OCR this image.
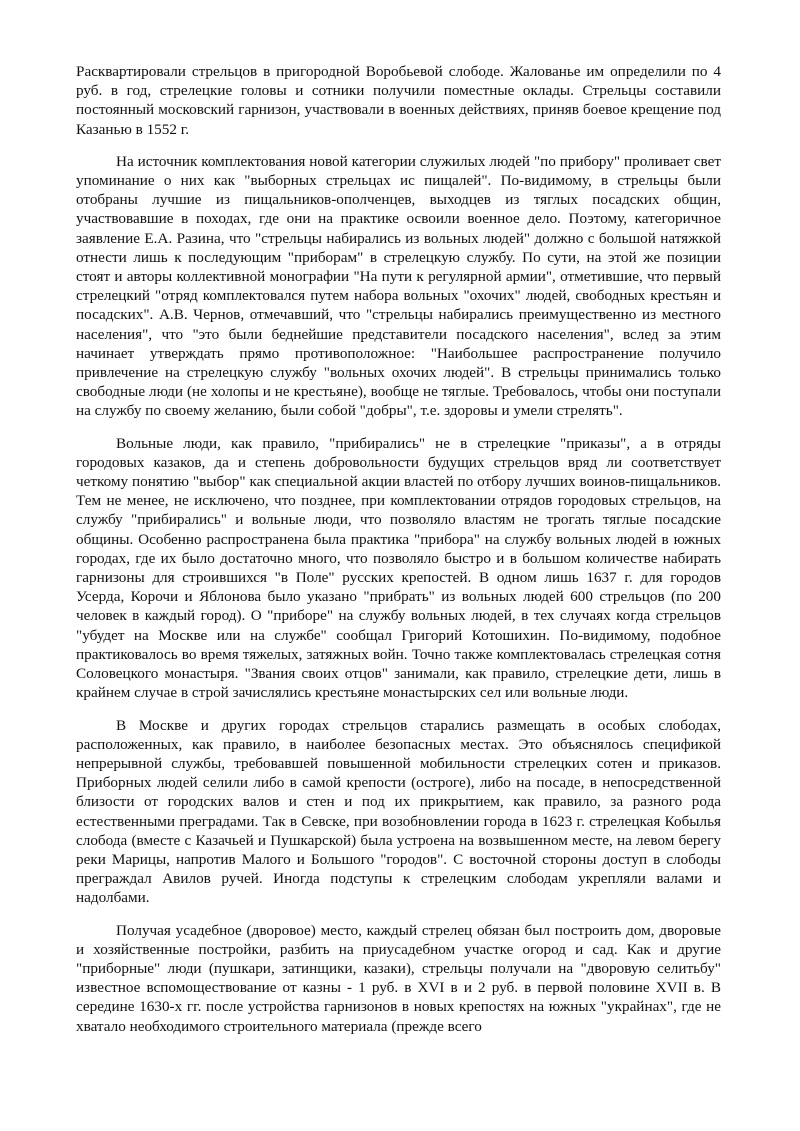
Расквартировали стрельцов в пригородной Воробьевой слободе. Жалованье им определили по 4 руб. в год, стрелецкие головы и сотники получили поместные оклады. Стрельцы составили постоянный московский гарнизон, участвовали в военных действиях, приняв боевое крещение под Казанью в 1552 г.

На источник комплектования новой категории служилых людей "по прибору" проливает свет упоминание о них как "выборных стрельцах ис пищалей". По-видимому, в стрельцы были отобраны лучшие из пищальников-ополченцев, выходцев из тяглых посадских общин, участвовавшие в походах, где они на практике освоили военное дело. Поэтому, категоричное заявление Е.А. Разина, что "стрельцы набирались из вольных людей" должно с большой натяжкой отнести лишь к последующим "приборам" в стрелецкую службу. По сути, на этой же позиции стоят и авторы коллективной монографии "На пути к регулярной армии", отметившие, что первый стрелецкий "отряд комплектовался путем набора вольных "охочих" людей, свободных крестьян и посадских". А.В. Чернов, отмечавший, что "стрельцы набирались преимущественно из местного населения", что "это были беднейшие представители посадского населения", вслед за этим начинает утверждать прямо противоположное: "Наибольшее распространение получило привлечение на стрелецкую службу "вольных охочих людей". В стрельцы принимались только свободные люди (не холопы и не крестьяне), вообще не тяглые. Требовалось, чтобы они поступали на службу по своему желанию, были собой "добры", т.е. здоровы и умели стрелять".

Вольные люди, как правило, "прибирались" не в стрелецкие "приказы", а в отряды городовых казаков, да и степень добровольности будущих стрельцов вряд ли соответствует четкому понятию "выбор" как специальной акции властей по отбору лучших воинов-пищальников. Тем не менее, не исключено, что позднее, при комплектовании отрядов городовых стрельцов, на службу "прибирались" и вольные люди, что позволяло властям не трогать тяглые посадские общины. Особенно распространена была практика "прибора" на службу вольных людей в южных городах, где их было достаточно много, что позволяло быстро и в большом количестве набирать гарнизоны для строившихся "в Поле" русских крепостей. В одном лишь 1637 г. для городов Усерда, Корочи и Яблонова было указано "прибрать" из вольных людей 600 стрельцов (по 200 человек в каждый город). О "приборе" на службу вольных людей, в тех случаях когда стрельцов "убудет на Москве или на службе" сообщал Григорий Котошихин. По-видимому, подобное практиковалось во время тяжелых, затяжных войн. Точно также комплектовалась стрелецкая сотня Соловецкого монастыря. "Звания своих отцов" занимали, как правило, стрелецкие дети, лишь в крайнем случае в строй зачислялись крестьяне монастырских сел или вольные люди.

В Москве и других городах стрельцов старались размещать в особых слободах, расположенных, как правило, в наиболее безопасных местах. Это объяснялось спецификой непрерывной службы, требовавшей повышенной мобильности стрелецких сотен и приказов. Приборных людей селили либо в самой крепости (остроге), либо на посаде, в непосредственной близости от городских валов и стен и под их прикрытием, как правило, за разного рода естественными преградами. Так в Севске, при возобновлении города в 1623 г. стрелецкая Кобылья слобода (вместе с Казачьей и Пушкарской) была устроена на возвышенном месте, на левом берегу реки Марицы, напротив Малого и Большого "городов". С восточной стороны доступ в слободы преграждал Авилов ручей. Иногда подступы к стрелецким слободам укрепляли валами и надолбами.

Получая усадебное (дворовое) место, каждый стрелец обязан был построить дом, дворовые и хозяйственные постройки, разбить на приусадебном участке огород и сад. Как и другие "приборные" люди (пушкари, затинщики, казаки), стрельцы получали на "дворовую селитьбу" известное вспомоществование от казны - 1 руб. в XVI в и 2 руб. в первой половине XVII в. В середине 1630-х гг. после устройства гарнизонов в новых крепостях на южных "украйнах", где не хватало необходимого строительного материала (прежде всего
